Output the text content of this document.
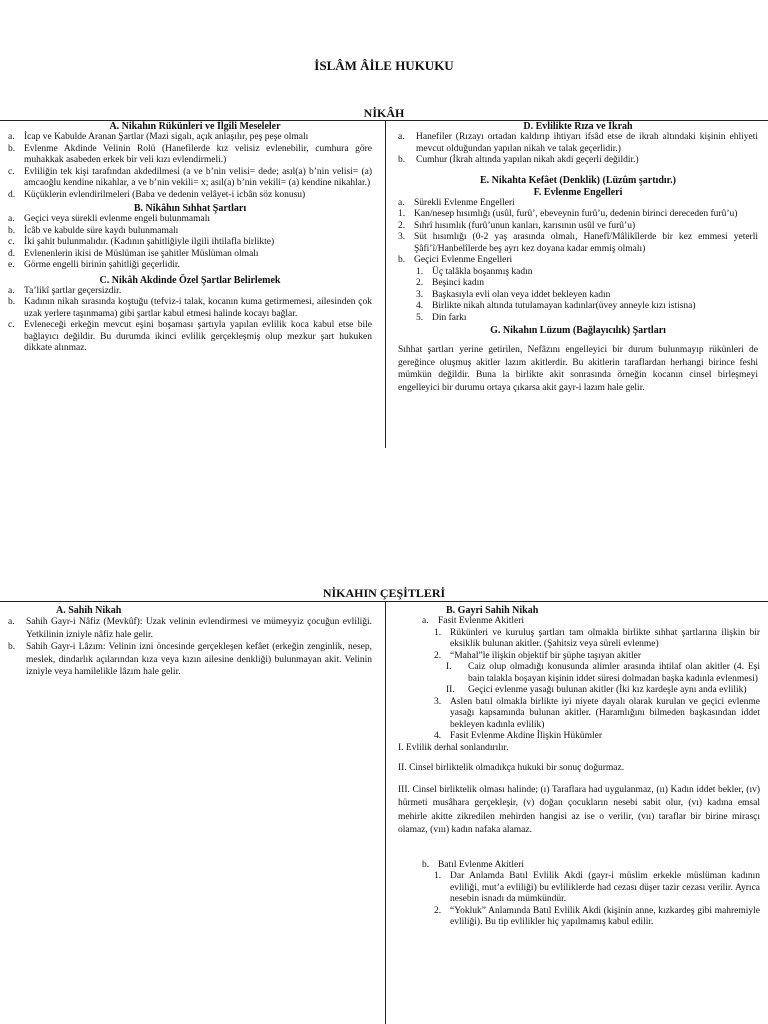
İSLÂM ÂİLE HUKUKU
NİKÂH
A. Nikahın Rükünleri ve İlgili Meseleler
a. İcap ve Kabulde Aranan Şartlar (Mazi sigalı, açık anlaşılır, peş peşe olmalı
b. Evlenme Akdinde Velinin Rolü (Hanefilerde kız velisiz evlenebilir, cumhura göre muhakkak asabeden erkek bir veli kızı evlendirmeli.)
c. Evliliğin tek kişi tarafından akdedilmesi (a ve b’nin velisi= dede; asıl(a) b’nin velisi= (a) amcaoğlu kendine nikahlar, a ve b’nin vekili= x; asıl(a) b’nin vekili= (a) kendine nikahlar.)
d. Küçüklerin evlendirilmeleri (Baba ve dedenin velâyet-i icbân söz konusu)
B. Nikâhın Sıhhat Şartları
a. Geçici veya sürekli evlenme engeli bulunmamalı
b. İcâb ve kabulde süre kaydı bulunmamalı
c. İki şahit bulunmalıdır. (Kadının şahitliğiyle ilgili ihtilafla birlikte)
d. Evlenenlerin ikisi de Müslüman ise şahitler Müslüman olmalı
e. Görme engelli birinin şahitliği geçerlidir.
C. Nikâh Akdinde Özel Şartlar Belirlemek
a. Ta’likî şartlar geçersizdir.
b. Kadının nikah sırasında koştuğu (tefviz-i talak, kocanın kuma getirmemesi, ailesinden çok uzak yerlere taşınmama) gibi şartlar kabul etmesi halinde kocayı bağlar.
c. Evleneceği erkeğin mevcut eşini boşaması şartıyla yapılan evlilik koca kabul etse bile bağlayıcı değildir. Bu durumda ikinci evlilik gerçekleşmiş olup mezkur şart hukuken dikkate alınmaz.
D. Evlilikte Rıza ve İkrah
a.	Hanefiler (Rızayı ortadan kaldırıp ihtiyarı ifsâd etse de ikrah altındaki kişinin ehliyeti mevcut olduğundan yapılan nikah ve talak geçerlidir.)
b.	Cumhur (İkrah altında yapılan nikah akdi geçerli değildir.)
E. Nikahta Kefâet (Denklik) (Lüzûm şartıdır.)
F. Evlenme Engelleri
a. Sürekli Evlenme Engelleri
1. Kan/nesep hısımlığı (usûl, furû’, ebeveynin furû’u, dedenin birinci dereceden furû’u)
2. Sıhrî hısımlık (furû’unun kanları, karısının usûl ve furû’u)
3. Süt hısımlığı (0-2 yaş arasında olmalı, Hanefî/Mâlikîlerde bir kez emmesi yeterli Şâfi’î/Hanbelîlerde beş ayrı kez doyana kadar emmiş olmalı)
b. Geçici Evlenme Engelleri
1. Üç talâkla boşanmış kadın
2. Beşinci kadın
3. Başkasıyla evli olan veya iddet bekleyen kadın
4. Birlikte nikah altında tutulamayan kadınlar(üvey anneyle kızı istisna)
5. Din farkı
G. Nikahın Lüzum (Bağlayıcılık) Şartları

Sıhhat şartları yerine getirilen, Nefâzını engelleyici bir durum bulunmayıp rükünleri de gereğince oluşmuş akitler lazım akitlerdir. Bu akitlerin taraflardan herhangi birince feshi mümkün değildir. Buna la birlikte akit sonrasında örneğin kocanın cinsel birleşmeyi engelleyici bir durumu ortaya çıkarsa akit gayr-i lazım hale gelir.

NİKAHIN ÇEŞİTLERİ
A. Sahih Nikah
a.	Sahih Gayr-i Nâfiz (Mevkûf): Uzak velinin evlendirmesi ve mümeyyiz çocuğun evliliği. Yetkilinin izniyle nâfiz hale gelir.
b.	Sahih Gayr-i Lâzım: Velinin izni öncesinde gerçekleşen kefâet (erkeğin zenginlik, nesep, meslek, dindarlık açılarından kıza veya kızın ailesine denkliği) bulunmayan akit. Velinin izniyle veya hamilelikle lâzım hale gelir.
B. Gayri Sahih Nikah
a. Fasit Evlenme Akitleri
1. Rükünleri ve kuruluş şartları tam olmakla birlikte sıhhat şartlarına ilişkin bir eksiklik bulunan akitler. (Şahitsiz veya süreli evlenme)
2. “Mahal”le ilişkin objektif bir şüphe taşıyan akitler
I.	Caiz olup olmadığı konusunda alimler arasında ihtilaf olan akitler (4. Eşi bain talakla boşayan kişinin iddet süresi dolmadan başka kadınla evlenmesi)
II.	Geçici evlenme yasağı bulunan akitler (İki kız kardeşle aynı anda evlilik)
3. Aslen batıl olmakla birlikte iyi niyete dayalı olarak kurulan ve geçici evlenme yasağı kapsamında bulunan akitler. (Haramlığını bilmeden başkasından iddet bekleyen kadınla evlilik)
4. Fasit Evlenme Akdine İlişkin Hükümler

I. Evlilik derhal sonlandırılır.

II. Cinsel birliktelik olmadıkça hukuki bir sonuç doğurmaz.

III. Cinsel birliktelik olması halinde; (ı) Taraflara had uygulanmaz, (ıı) Kadın iddet bekler, (ıv) hürmeti musâhara gerçekleşir, (v) doğan çocukların nesebi sabit olur, (vı) kadına emsal mehirle akitte zikredilen mehirden hangisi az ise o verilir, (vıı) taraflar bir birine mirasçı olamaz, (vııı) kadın nafaka alamaz.

b. Batıl Evlenme Akitleri
1. Dar Anlamda Batıl Evlilik Akdi (gayr-i müslim erkekle müslüman kadının evliliği, mut’a evliliği) bu evliliklerde had cezası düşer tazir cezası verilir. Ayrıca nesebin isnadı da mümkündür.
2. “Yokluk” Anlamında Batıl Evlilik Akdi (kişinin anne, kızkardeş gibi mahremiyle evliliği). Bu tip evlilikler hiç yapılmamış kabul edilir.
